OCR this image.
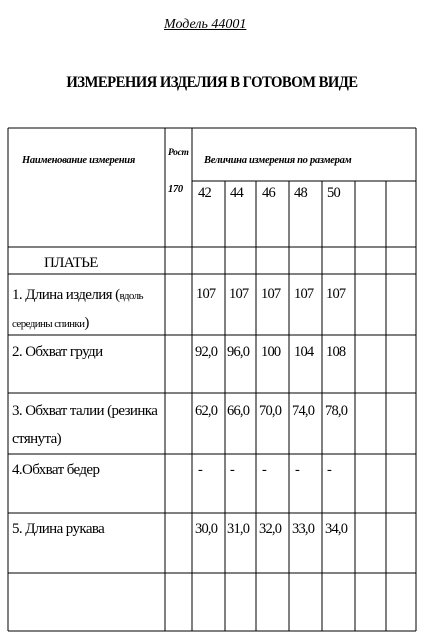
Модель 44001
ИЗМЕРЕНИЯ ИЗДЕЛИЯ В ГОТОВОМ ВИДЕ
Наименование измерения
Рост
170
Величина измерения по размерам
42 44 46 48 50
ПЛАТЬЕ
1. Длина изделия (вдоль
середины спинки)
107 107 107 107 107
2. Обхват груди	92,0 96,0 100 104 108
3. Обхват талии (резинка
стянута)
62,0 66,0 70,0 74,0 78,0
4.Обхват бедер	- - - - -
5. Длина рукава	30,0 31,0 32,0 33,0 34,0
